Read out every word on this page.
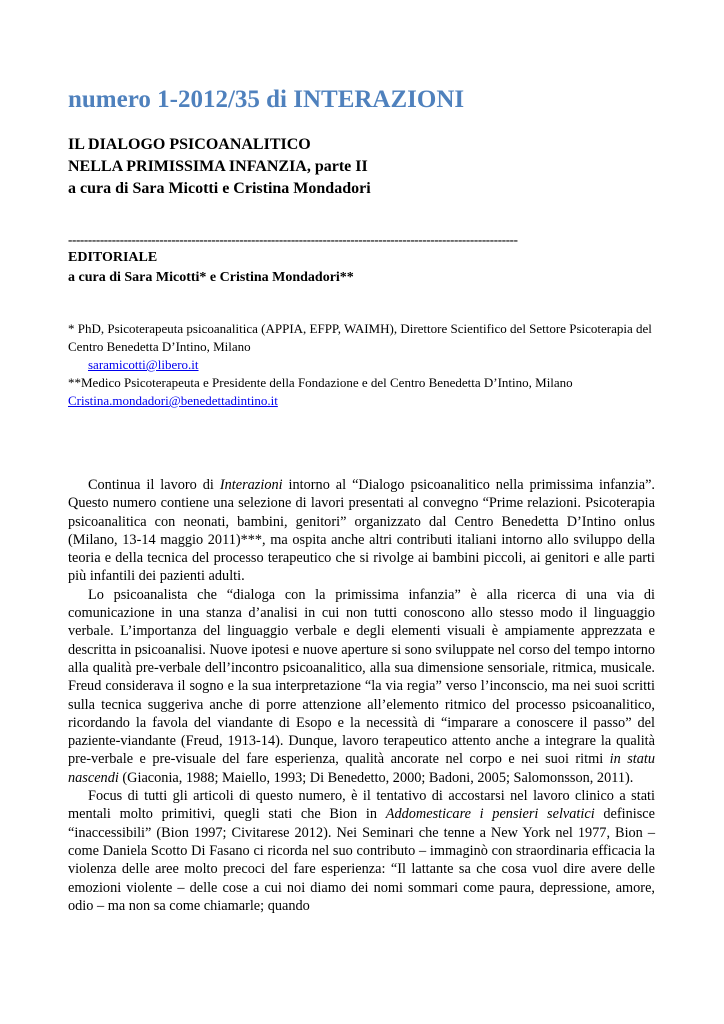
numero 1-2012/35 di INTERAZIONI
IL DIALOGO PSICOANALITICO
NELLA PRIMISSIMA INFANZIA, parte II
a cura di Sara Micotti e Cristina Mondadori
-----------------------------------------------------------------------------------------------------------------
EDITORIALE
a cura di Sara Micotti* e Cristina Mondadori**

* PhD, Psicoterapeuta psicoanalitica (APPIA, EFPP, WAIMH), Direttore Scientifico del Settore Psicoterapia del Centro Benedetta D’Intino, Milano

saramicotti@libero.it

**Medico Psicoterapeuta e Presidente della Fondazione e del Centro Benedetta D’Intino, Milano

Cristina.mondadori@benedettadintino.it

Continua il lavoro di Interazioni intorno al “Dialogo psicoanalitico nella primissima infanzia”. Questo numero contiene una selezione di lavori presentati al convegno “Prime relazioni. Psicoterapia psicoanalitica con neonati, bambini, genitori” organizzato dal Centro Benedetta D’Intino onlus (Milano, 13-14 maggio 2011)***, ma ospita anche altri contributi italiani intorno allo sviluppo della teoria e della tecnica del processo terapeutico che si rivolge ai bambini piccoli, ai genitori e alle parti più infantili dei pazienti adulti.

Lo psicoanalista che “dialoga con la primissima infanzia” è alla ricerca di una via di comunicazione in una stanza d’analisi in cui non tutti conoscono allo stesso modo il linguaggio verbale. L’importanza del linguaggio verbale e degli elementi visuali è ampiamente apprezzata e descritta in psicoanalisi. Nuove ipotesi e nuove aperture si sono sviluppate nel corso del tempo intorno alla qualità pre-verbale dell’incontro psicoanalitico, alla sua dimensione sensoriale, ritmica, musicale. Freud considerava il sogno e la sua interpretazione “la via regia” verso l’inconscio, ma nei suoi scritti sulla tecnica suggeriva anche di porre attenzione all’elemento ritmico del processo psicoanalitico, ricordando la favola del viandante di Esopo e la necessità di “imparare a conoscere il passo” del paziente-viandante (Freud, 1913-14). Dunque, lavoro terapeutico attento anche a integrare la qualità pre-verbale e pre-visuale del fare esperienza, qualità ancorate nel corpo e nei suoi ritmi in statu nascendi (Giaconia, 1988; Maiello, 1993; Di Benedetto, 2000; Badoni, 2005; Salomonsson, 2011).

Focus di tutti gli articoli di questo numero, è il tentativo di accostarsi nel lavoro clinico a stati mentali molto primitivi, quegli stati che Bion in Addomesticare i pensieri selvatici definisce “inaccessibili” (Bion 1997; Civitarese 2012). Nei Seminari che tenne a New York nel 1977, Bion – come Daniela Scotto Di Fasano ci ricorda nel suo contributo – immaginò con straordinaria efficacia la violenza delle aree molto precoci del fare esperienza: “Il lattante sa che cosa vuol dire avere delle emozioni violente – delle cose a cui noi diamo dei nomi sommari come paura, depressione, amore, odio – ma non sa come chiamarle; quando
